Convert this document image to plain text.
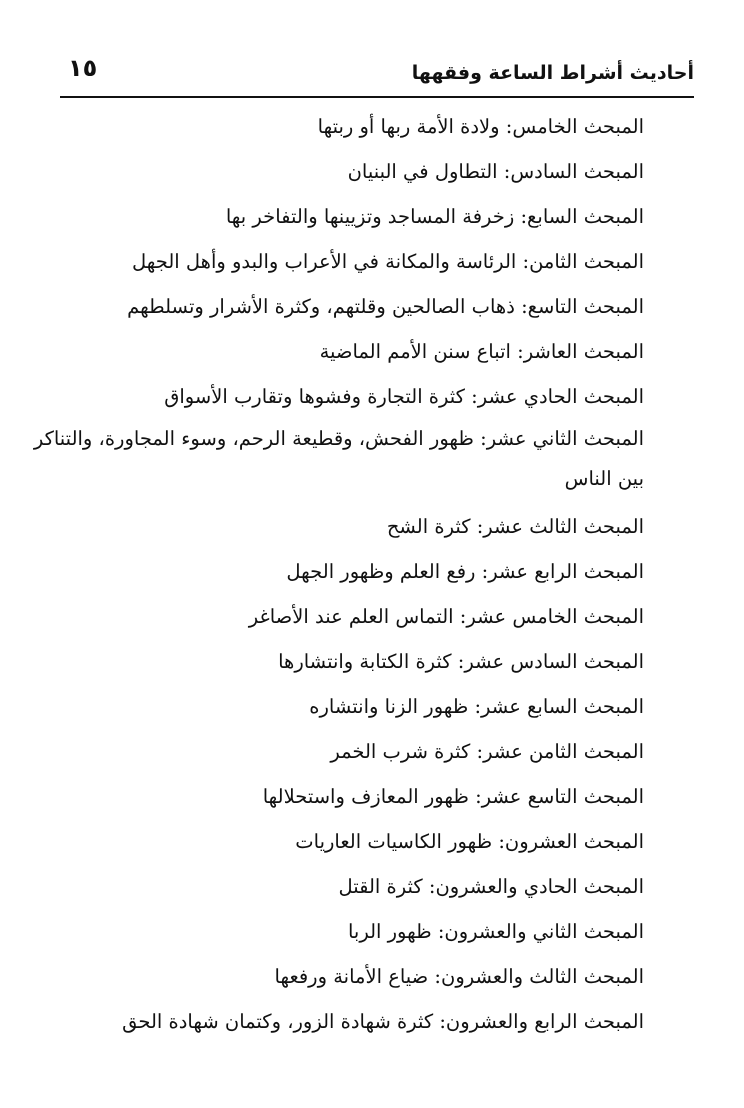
أحاديث أشراط الساعة وفقهها
١٥
المبحث الخامس: ولادة الأمة ربها أو ربتها
المبحث السادس: التطاول في البنيان
المبحث السابع: زخرفة المساجد وتزيينها والتفاخر بها
المبحث الثامن: الرئاسة والمكانة في الأعراب والبدو وأهل الجهل
المبحث التاسع: ذهاب الصالحين وقلتهم، وكثرة الأشرار وتسلطهم
المبحث العاشر: اتباع سنن الأمم الماضية
المبحث الحادي عشر: كثرة التجارة وفشوها وتقارب الأسواق
المبحث الثاني عشر: ظهور الفحش، وقطيعة الرحم، وسوء المجاورة، والتناكر بين الناس
المبحث الثالث عشر: كثرة الشح
المبحث الرابع عشر: رفع العلم وظهور الجهل
المبحث الخامس عشر: التماس العلم عند الأصاغر
المبحث السادس عشر: كثرة الكتابة وانتشارها
المبحث السابع عشر: ظهور الزنا وانتشاره
المبحث الثامن عشر: كثرة شرب الخمر
المبحث التاسع عشر: ظهور المعازف واستحلالها
المبحث العشرون: ظهور الكاسيات العاريات
المبحث الحادي والعشرون: كثرة القتل
المبحث الثاني والعشرون: ظهور الربا
المبحث الثالث والعشرون: ضياع الأمانة ورفعها
المبحث الرابع والعشرون: كثرة شهادة الزور، وكتمان شهادة الحق
